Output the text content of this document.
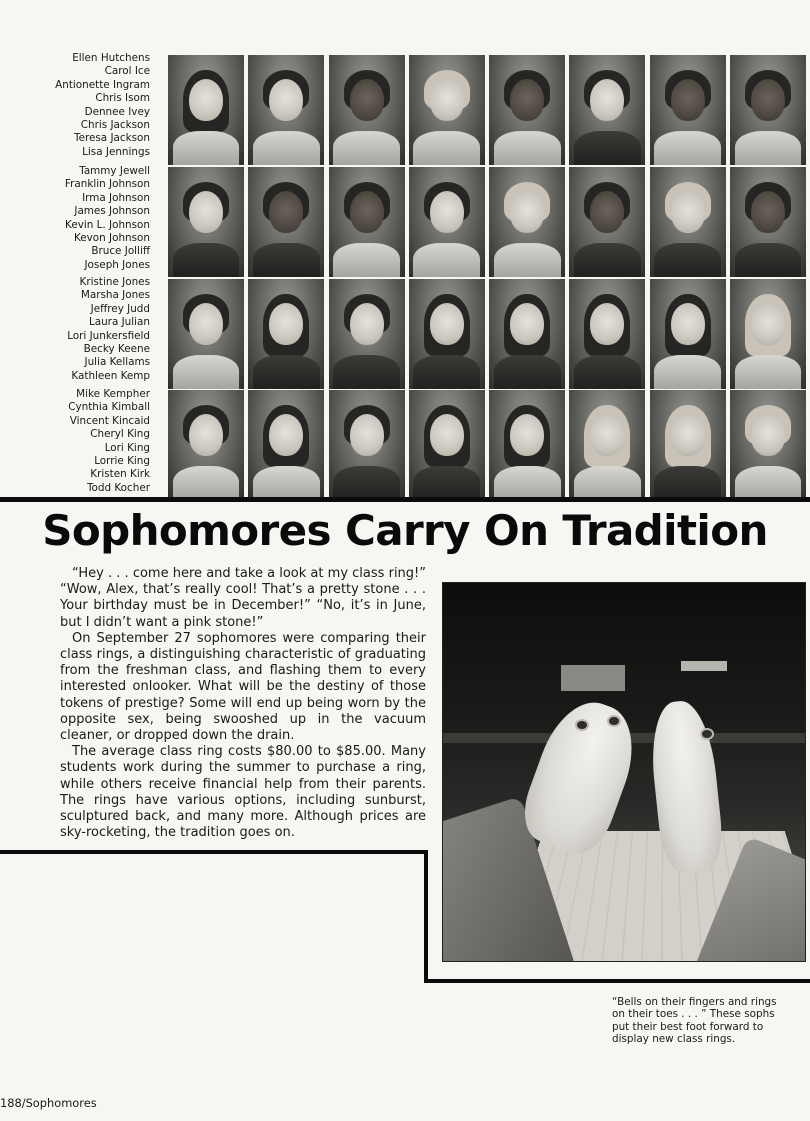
Ellen Hutchens
Carol Ice
Antionette Ingram
Chris Isom
Dennee Ivey
Chris Jackson
Teresa Jackson
Lisa Jennings
Tammy Jewell
Franklin Johnson
Irma Johnson
James Johnson
Kevin L. Johnson
Kevon Johnson
Bruce Jolliff
Joseph Jones
Kristine Jones
Marsha Jones
Jeffrey Judd
Laura Julian
Lori Junkersfield
Becky Keene
Julia Kellams
Kathleen Kemp
Mike Kempher
Cynthia Kimball
Vincent Kincaid
Cheryl King
Lori King
Lorrie King
Kristen Kirk
Todd Kocher
Sophomores Carry On Tradition

“Hey . . . come here and take a look at my class ring!” “Wow, Alex, that’s really cool! That’s a pretty stone . . . Your birthday must be in December!” “No, it’s in June, but I didn’t want a pink stone!”

On September 27 sophomores were comparing their class rings, a distinguishing characteristic of graduating from the freshman class, and flashing them to every interested onlooker. What will be the destiny of those tokens of prestige? Some will end up being worn by the opposite sex, being swooshed up in the vacuum cleaner, or dropped down the drain.

The average class ring costs $80.00 to $85.00. Many students work during the summer to purchase a ring, while others receive financial help from their parents. The rings have various options, including sunburst, sculptured back, and many more. Although prices are sky-rocketing, the tradition goes on.

“Bells on their fingers and rings on their toes . . . ” These sophs put their best foot forward to display new class rings.

188/Sophomores
